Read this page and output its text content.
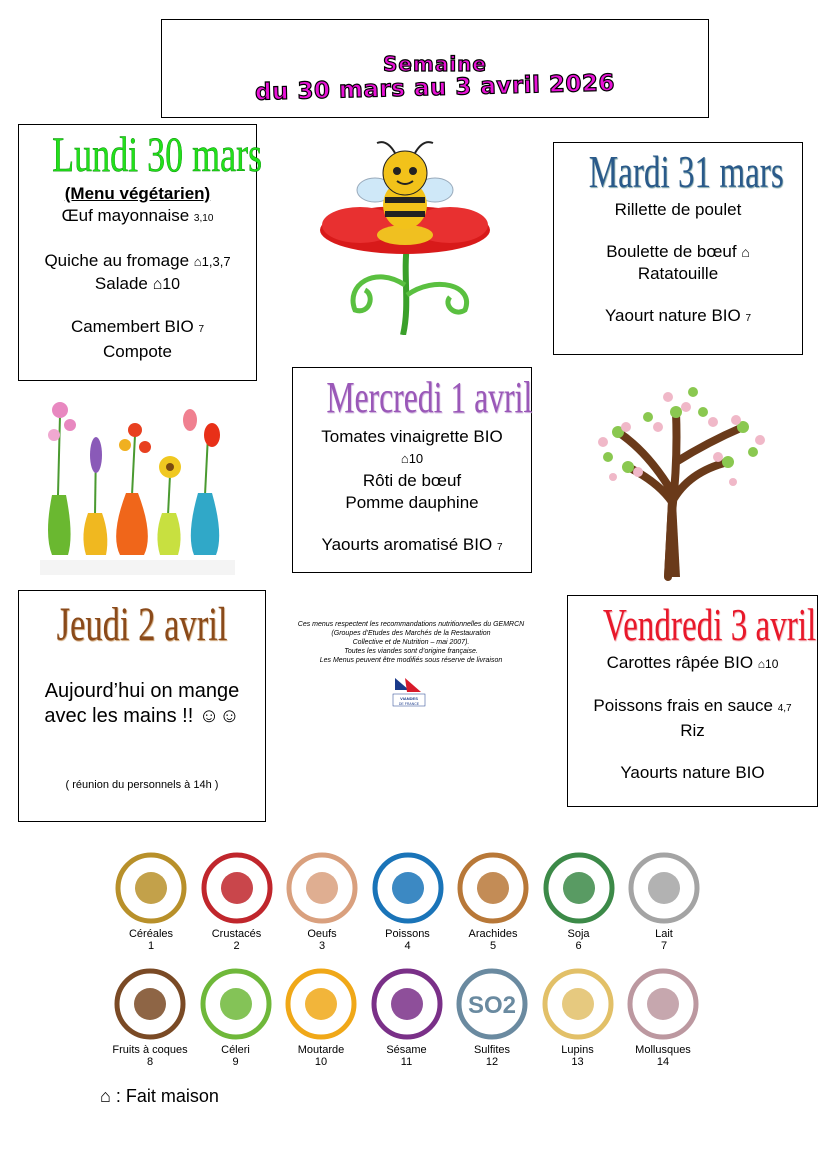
Semaine
du 30 mars au 3 avril 2026
Lundi 30 mars
(Menu végétarien)
Œuf mayonnaise 3,10
Quiche au fromage ⌂1,3,7
Salade ⌂10
Camembert BIO 7
Compote
Mardi 31 mars
Rillette de poulet
Boulette de bœuf ⌂
Ratatouille
Yaourt nature BIO 7
Mercredi 1 avril
Tomates vinaigrette BIO
⌂10
Rôti de bœuf
Pomme dauphine
Yaourts aromatisé BIO 7
Jeudi 2 avril
Aujourd’hui on mange
avec les mains !! ☺☺
( réunion du personnels à 14h )
Ces menus respectent les recommandations nutritionnelles du GEMRCN
(Groupes d’Etudes des Marchés de la Restauration
Collective et de Nutrition – mai 2007).
Toutes les viandes sont d’origine française.
Les Menus peuvent être modifiés sous réserve de livraison
VIANDES
DE FRANCE
Vendredi 3 avril
Carottes râpée BIO ⌂10
Poissons frais en sauce 4,7
Riz
Yaourts nature BIO
Céréales
1
Crustacés
2
Oeufs
3
Poissons
4
Arachides
5
Soja
6
Lait
7
Fruits à coques
8
Céleri
9
Moutarde
10
Sésame
11
SO2
Sulfites
12
Lupins
13
Mollusques
14
⌂ : Fait maison
